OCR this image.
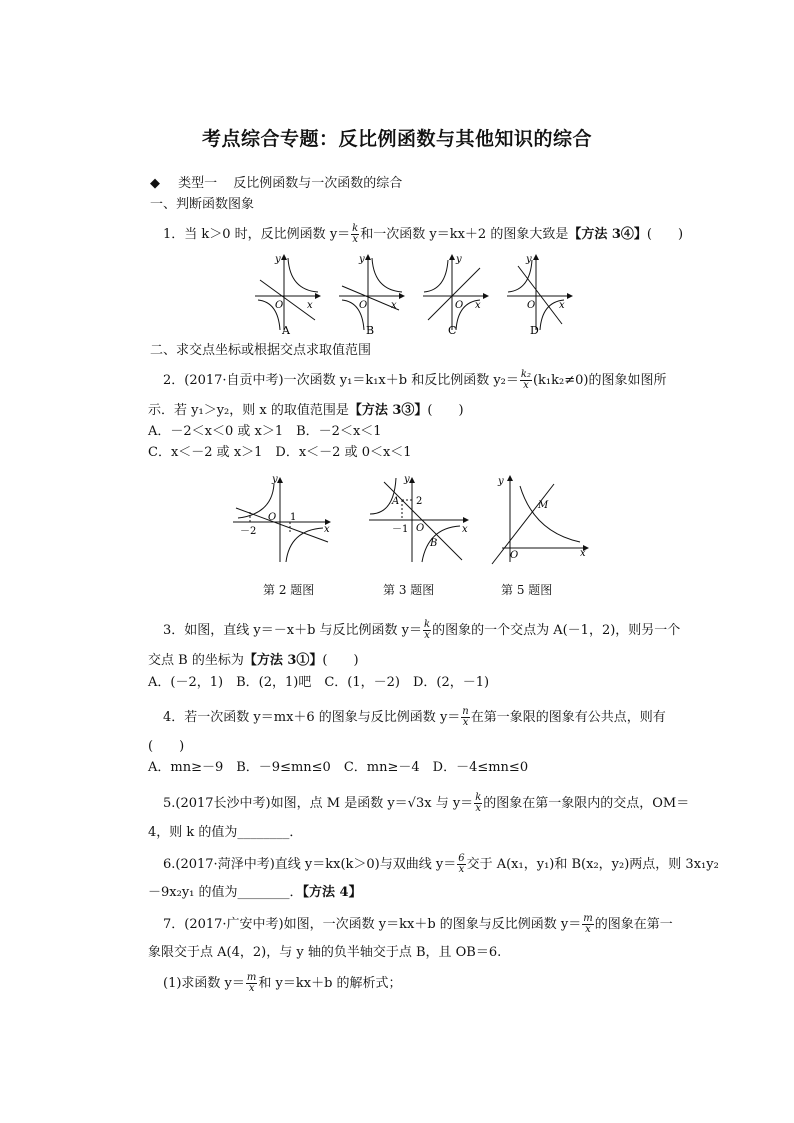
考点综合专题：反比例函数与其他知识的综合
◆ 类型一 反比例函数与一次函数的综合
一、判断函数图象
1．当 k＞0 时，反比例函数 $y= \frac{k}{x}$ 和一次函数 y＝kx＋2 的图象大致是【方法 3④】(　　)
y
x
O
A
y
x
O
B
y
x
O
C
y
x
O
D
二、求交点坐标或根据交点求取值范围
2．(2017·自贡中考)一次函数 y₁＝k₁x＋b 和反比例函数 $y_2= \frac{\text{k₂}}{x} (k_1k_2\ne 0)$的图象如图所
示．若 y₁＞y₂，则 x 的取值范围是【方法 3③】(　　)
A．－2＜x＜0 或 x＞1　B．－2＜x＜1
C．x＜－2 或 x＞1　D．x＜－2 或 0＜x＜1
y
x
O
－2
1
y
x
O
A 2
－1
B
y
x
O
M
第 2 题图	第 3 题图	第 5 题图
3．如图，直线 y＝－x＋b 与反比例函数 $y= \frac{k}{x}$ 的图象的一个交点为 A(－1，2)，则另一个
交点 B 的坐标为【方法 3①】(　　)
A．(－2，1)　B．(2，1)吧　C．(1，－2)　D．(2，－1)
4．若一次函数 y＝mx＋6 的图象与反比例函数 $y= \frac{n}{x}$ 在第一象限的图象有公共点，则有
(　　)
A．mn≥－9　B．－9≤mn≤0　C．mn≥－4　D．－4≤mn≤0
5.(2017长沙中考)如图，点 M 是函数 y＝√3x 与 $y= \frac{k}{x}$ 的图象在第一象限内的交点，OM＝
4，则 k 的值为________．
6.(2017·菏泽中考)直线 y＝kx(k＞0)与双曲线 $y= \frac{6}{x}$ 交于 A(x₁，y₁)和 B(x₂，y₂)两点，则 3x₁y₂
－9x₂y₁ 的值为________．【方法 4】
7．(2017·广安中考)如图，一次函数 y＝kx＋b 的图象与反比例函数 $y= \frac{m}{x}$ 的图象在第一
象限交于点 A(4，2)，与 y 轴的负半轴交于点 B，且 OB＝6.
(1)求函数 $y= \frac{m}{x}$ 和 y＝kx＋b 的解析式；
